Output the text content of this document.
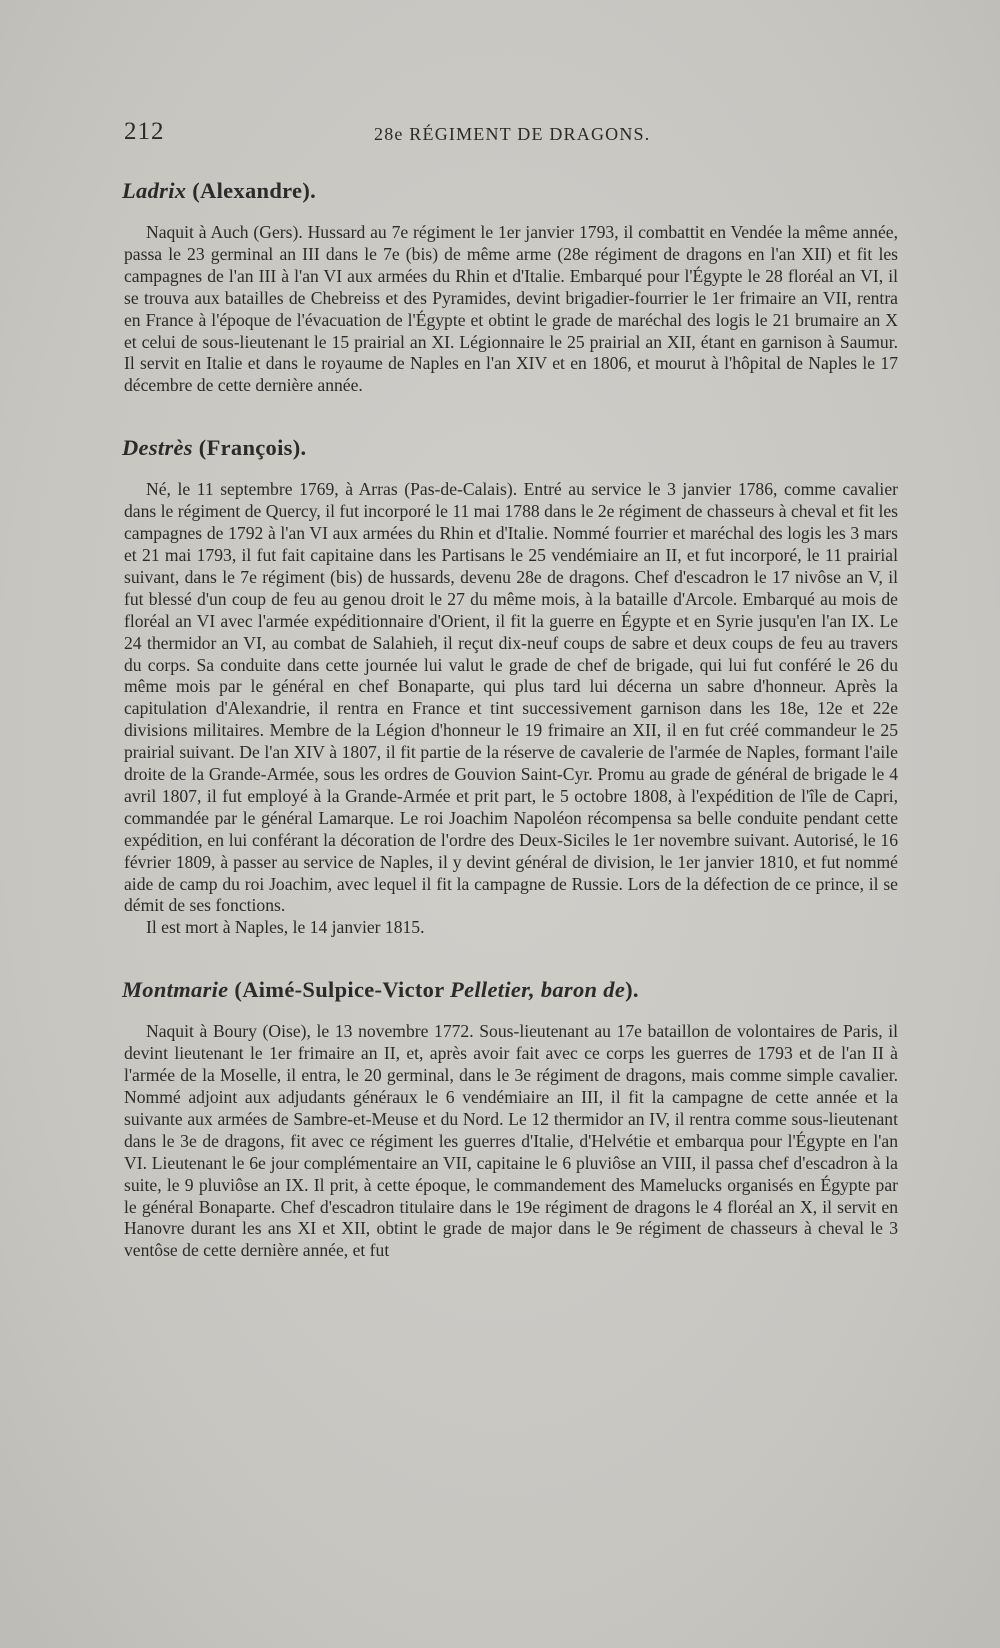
212	28e RÉGIMENT DE DRAGONS.
Ladrix (Alexandre).

Naquit à Auch (Gers). Hussard au 7e régiment le 1er janvier 1793, il combattit en Vendée la même année, passa le 23 germinal an III dans le 7e (bis) de même arme (28e régiment de dragons en l'an XII) et fit les campagnes de l'an III à l'an VI aux armées du Rhin et d'Italie. Embarqué pour l'Égypte le 28 floréal an VI, il se trouva aux batailles de Chebreiss et des Pyramides, devint brigadier-fourrier le 1er frimaire an VII, rentra en France à l'époque de l'évacuation de l'Égypte et obtint le grade de maréchal des logis le 21 brumaire an X et celui de sous-lieutenant le 15 prairial an XI. Légionnaire le 25 prairial an XII, étant en garnison à Saumur. Il servit en Italie et dans le royaume de Naples en l'an XIV et en 1806, et mourut à l'hôpital de Naples le 17 décembre de cette dernière année.

Destrès (François).

Né, le 11 septembre 1769, à Arras (Pas-de-Calais). Entré au service le 3 janvier 1786, comme cavalier dans le régiment de Quercy, il fut incorporé le 11 mai 1788 dans le 2e régiment de chasseurs à cheval et fit les campagnes de 1792 à l'an VI aux armées du Rhin et d'Italie. Nommé fourrier et maréchal des logis les 3 mars et 21 mai 1793, il fut fait capitaine dans les Partisans le 25 vendémiaire an II, et fut incorporé, le 11 prairial suivant, dans le 7e régiment (bis) de hussards, devenu 28e de dragons. Chef d'escadron le 17 nivôse an V, il fut blessé d'un coup de feu au genou droit le 27 du même mois, à la bataille d'Arcole. Embarqué au mois de floréal an VI avec l'armée expéditionnaire d'Orient, il fit la guerre en Égypte et en Syrie jusqu'en l'an IX. Le 24 thermidor an VI, au combat de Salahieh, il reçut dix-neuf coups de sabre et deux coups de feu au travers du corps. Sa conduite dans cette journée lui valut le grade de chef de brigade, qui lui fut conféré le 26 du même mois par le général en chef Bonaparte, qui plus tard lui décerna un sabre d'honneur. Après la capitulation d'Alexandrie, il rentra en France et tint successivement garnison dans les 18e, 12e et 22e divisions militaires. Membre de la Légion d'honneur le 19 frimaire an XII, il en fut créé commandeur le 25 prairial suivant. De l'an XIV à 1807, il fit partie de la réserve de cavalerie de l'armée de Naples, formant l'aile droite de la Grande-Armée, sous les ordres de Gouvion Saint-Cyr. Promu au grade de général de brigade le 4 avril 1807, il fut employé à la Grande-Armée et prit part, le 5 octobre 1808, à l'expédition de l'île de Capri, commandée par le général Lamarque. Le roi Joachim Napoléon récompensa sa belle conduite pendant cette expédition, en lui conférant la décoration de l'ordre des Deux-Siciles le 1er novembre suivant. Autorisé, le 16 février 1809, à passer au service de Naples, il y devint général de division, le 1er janvier 1810, et fut nommé aide de camp du roi Joachim, avec lequel il fit la campagne de Russie. Lors de la défection de ce prince, il se démit de ses fonctions.

Il est mort à Naples, le 14 janvier 1815.

Montmarie (Aimé-Sulpice-Victor Pelletier, baron de).

Naquit à Boury (Oise), le 13 novembre 1772. Sous-lieutenant au 17e bataillon de volontaires de Paris, il devint lieutenant le 1er frimaire an II, et, après avoir fait avec ce corps les guerres de 1793 et de l'an II à l'armée de la Moselle, il entra, le 20 germinal, dans le 3e régiment de dragons, mais comme simple cavalier. Nommé adjoint aux adjudants généraux le 6 vendémiaire an III, il fit la campagne de cette année et la suivante aux armées de Sambre-et-Meuse et du Nord. Le 12 thermidor an IV, il rentra comme sous-lieutenant dans le 3e de dragons, fit avec ce régiment les guerres d'Italie, d'Helvétie et embarqua pour l'Égypte en l'an VI. Lieutenant le 6e jour complémentaire an VII, capitaine le 6 pluviôse an VIII, il passa chef d'escadron à la suite, le 9 pluviôse an IX. Il prit, à cette époque, le commandement des Mamelucks organisés en Égypte par le général Bonaparte. Chef d'escadron titulaire dans le 19e régiment de dragons le 4 floréal an X, il servit en Hanovre durant les ans XI et XII, obtint le grade de major dans le 9e régiment de chasseurs à cheval le 3 ventôse de cette dernière année, et fut
